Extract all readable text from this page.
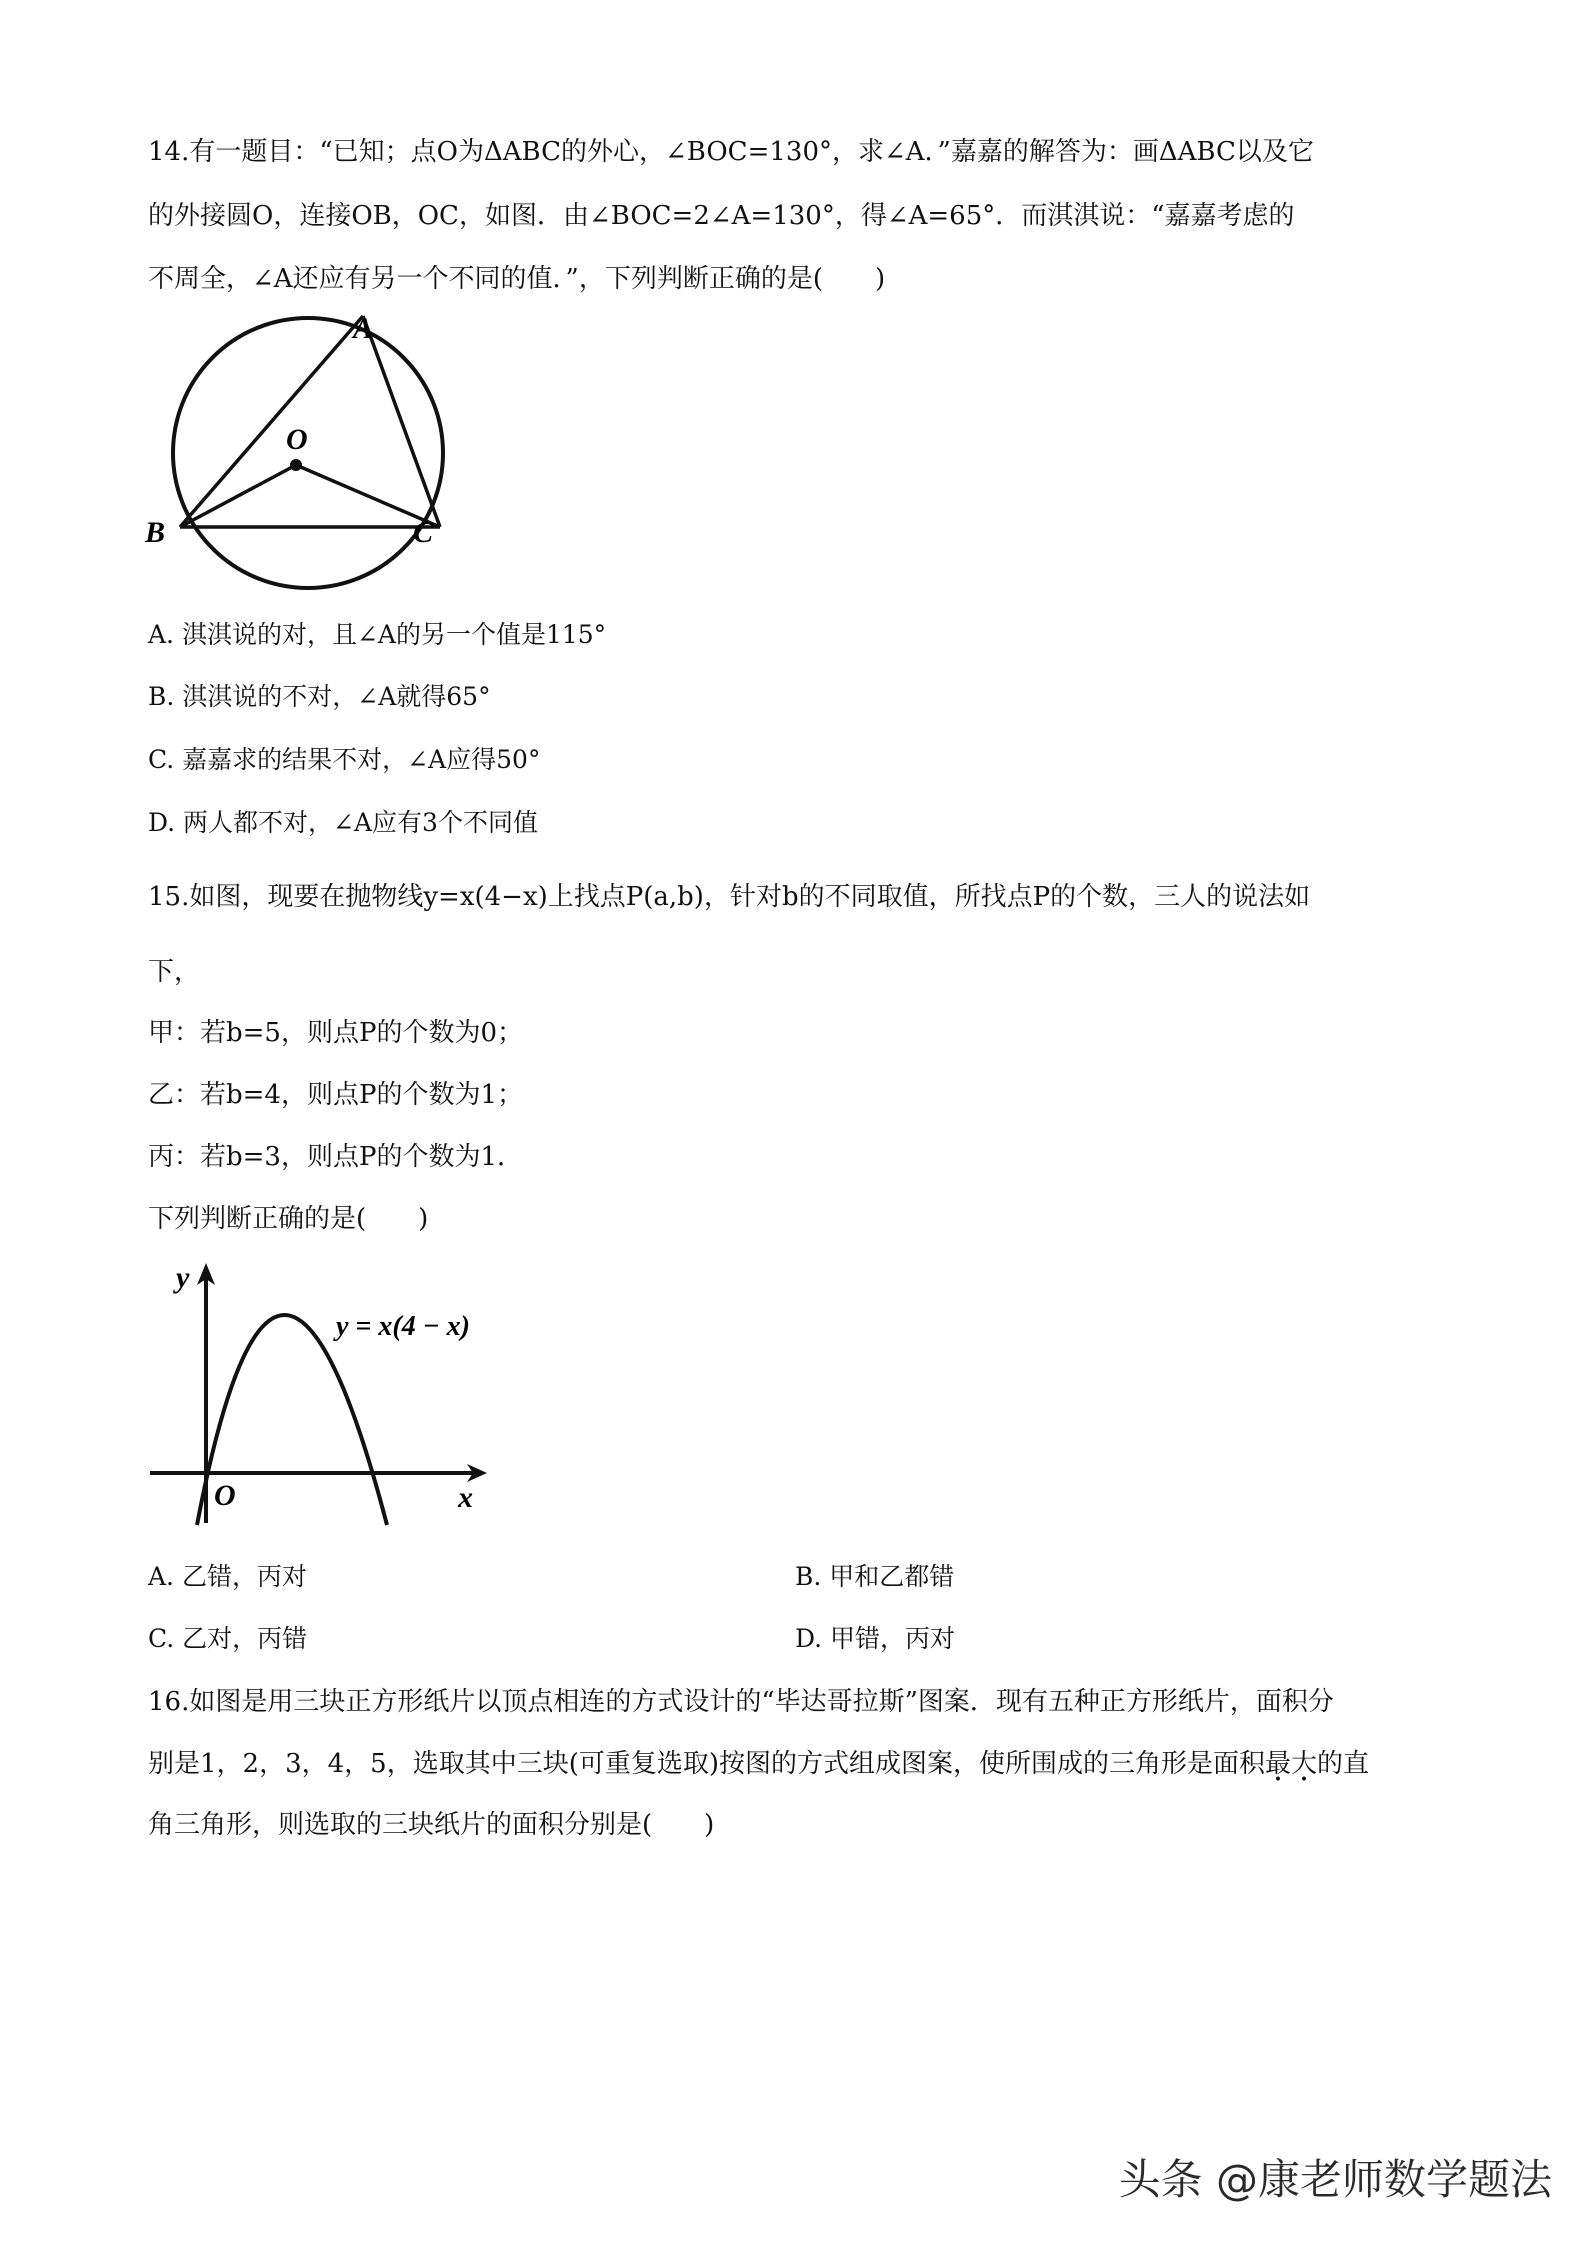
14.有一题目：“已知；点O为ΔABC的外心，∠BOC=130°，求∠A．”嘉嘉的解答为：画ΔABC以及它
的外接圆O，连接OB，OC，如图．由∠BOC=2∠A=130°，得∠A=65°．而淇淇说：“嘉嘉考虑的
不周全，∠A还应有另一个不同的值．”，下列判断正确的是(　　)
A
O
B	C
A. 淇淇说的对，且∠A的另一个值是115°
B. 淇淇说的不对，∠A就得65°
C. 嘉嘉求的结果不对，∠A应得50°
D. 两人都不对，∠A应有3个不同值
15.如图，现要在抛物线y=x(4−x)上找点P(a,b)，针对b的不同取值，所找点P的个数，三人的说法如
下，
甲：若b=5，则点P的个数为0；
乙：若b=4，则点P的个数为1；
丙：若b=3，则点P的个数为1．
下列判断正确的是(　　)
y
x
O
y = x(4 − x)
A. 乙错，丙对	B. 甲和乙都错
C. 乙对，丙错	D. 甲错，丙对
16.如图是用三块正方形纸片以顶点相连的方式设计的“毕达哥拉斯”图案．现有五种正方形纸片，面积分
别是1，2，3，4，5，选取其中三块(可重复选取)按图的方式组成图案，使所围成的三角形是面积最大的直
角三角形，则选取的三块纸片的面积分别是(　　)
头条 @康老师数学题法
